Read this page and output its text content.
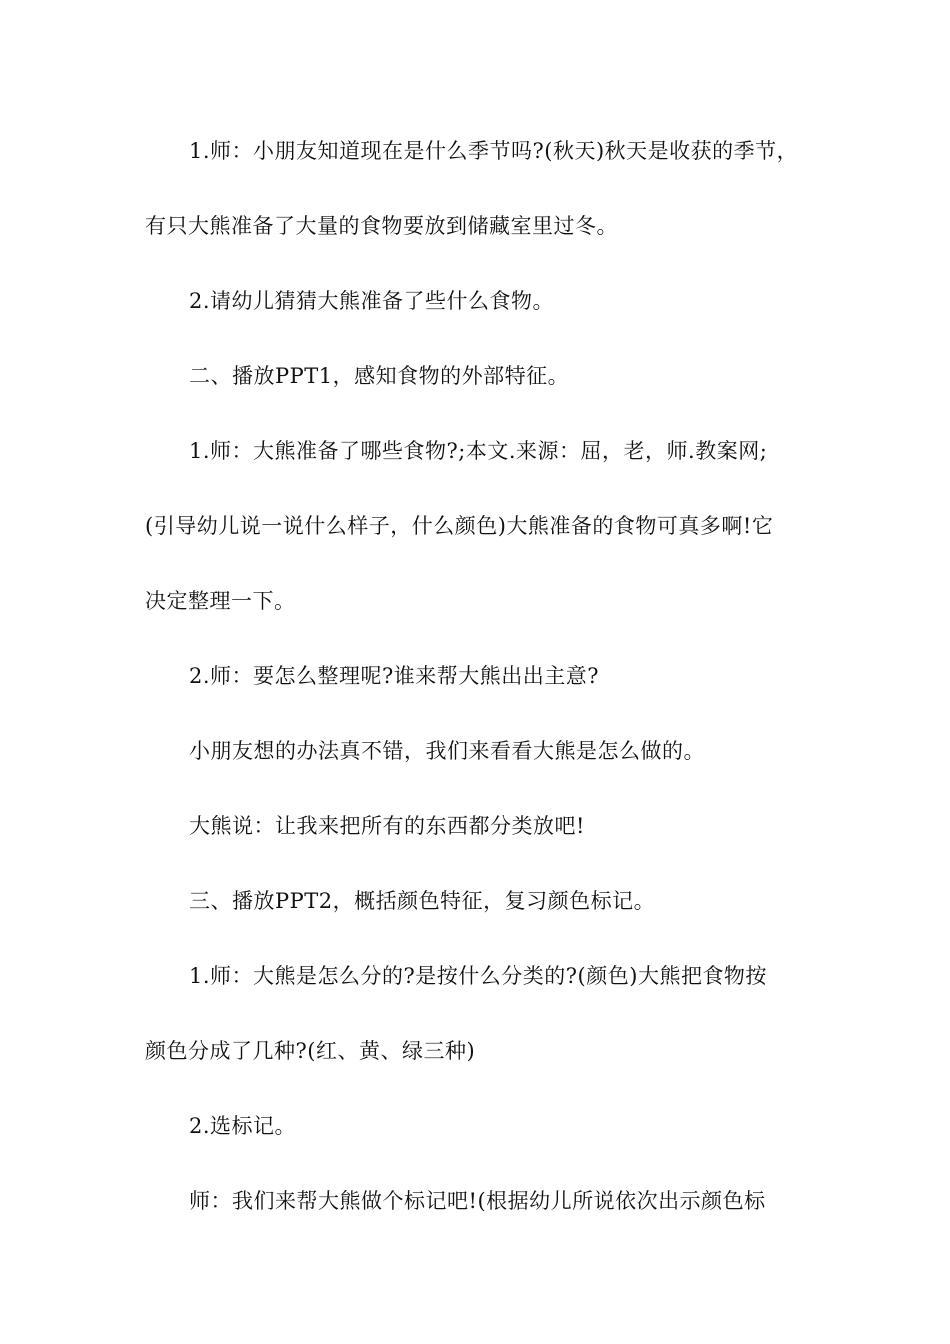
1.师：小朋友知道现在是什么季节吗?(秋天)秋天是收获的季节，
有只大熊准备了大量的食物要放到储藏室里过冬。
2.请幼儿猜猜大熊准备了些什么食物。
二、播放PPT1，感知食物的外部特征。
1.师：大熊准备了哪些食物?;本文.来源：屈，老，师.教案网;
(引导幼儿说一说什么样子，什么颜色)大熊准备的食物可真多啊!它
决定整理一下。
2.师：要怎么整理呢?谁来帮大熊出出主意?
小朋友想的办法真不错，我们来看看大熊是怎么做的。
大熊说：让我来把所有的东西都分类放吧!
三、播放PPT2，概括颜色特征，复习颜色标记。
1.师：大熊是怎么分的?是按什么分类的?(颜色)大熊把食物按
颜色分成了几种?(红、黄、绿三种)
2.选标记。
师：我们来帮大熊做个标记吧!(根据幼儿所说依次出示颜色标
